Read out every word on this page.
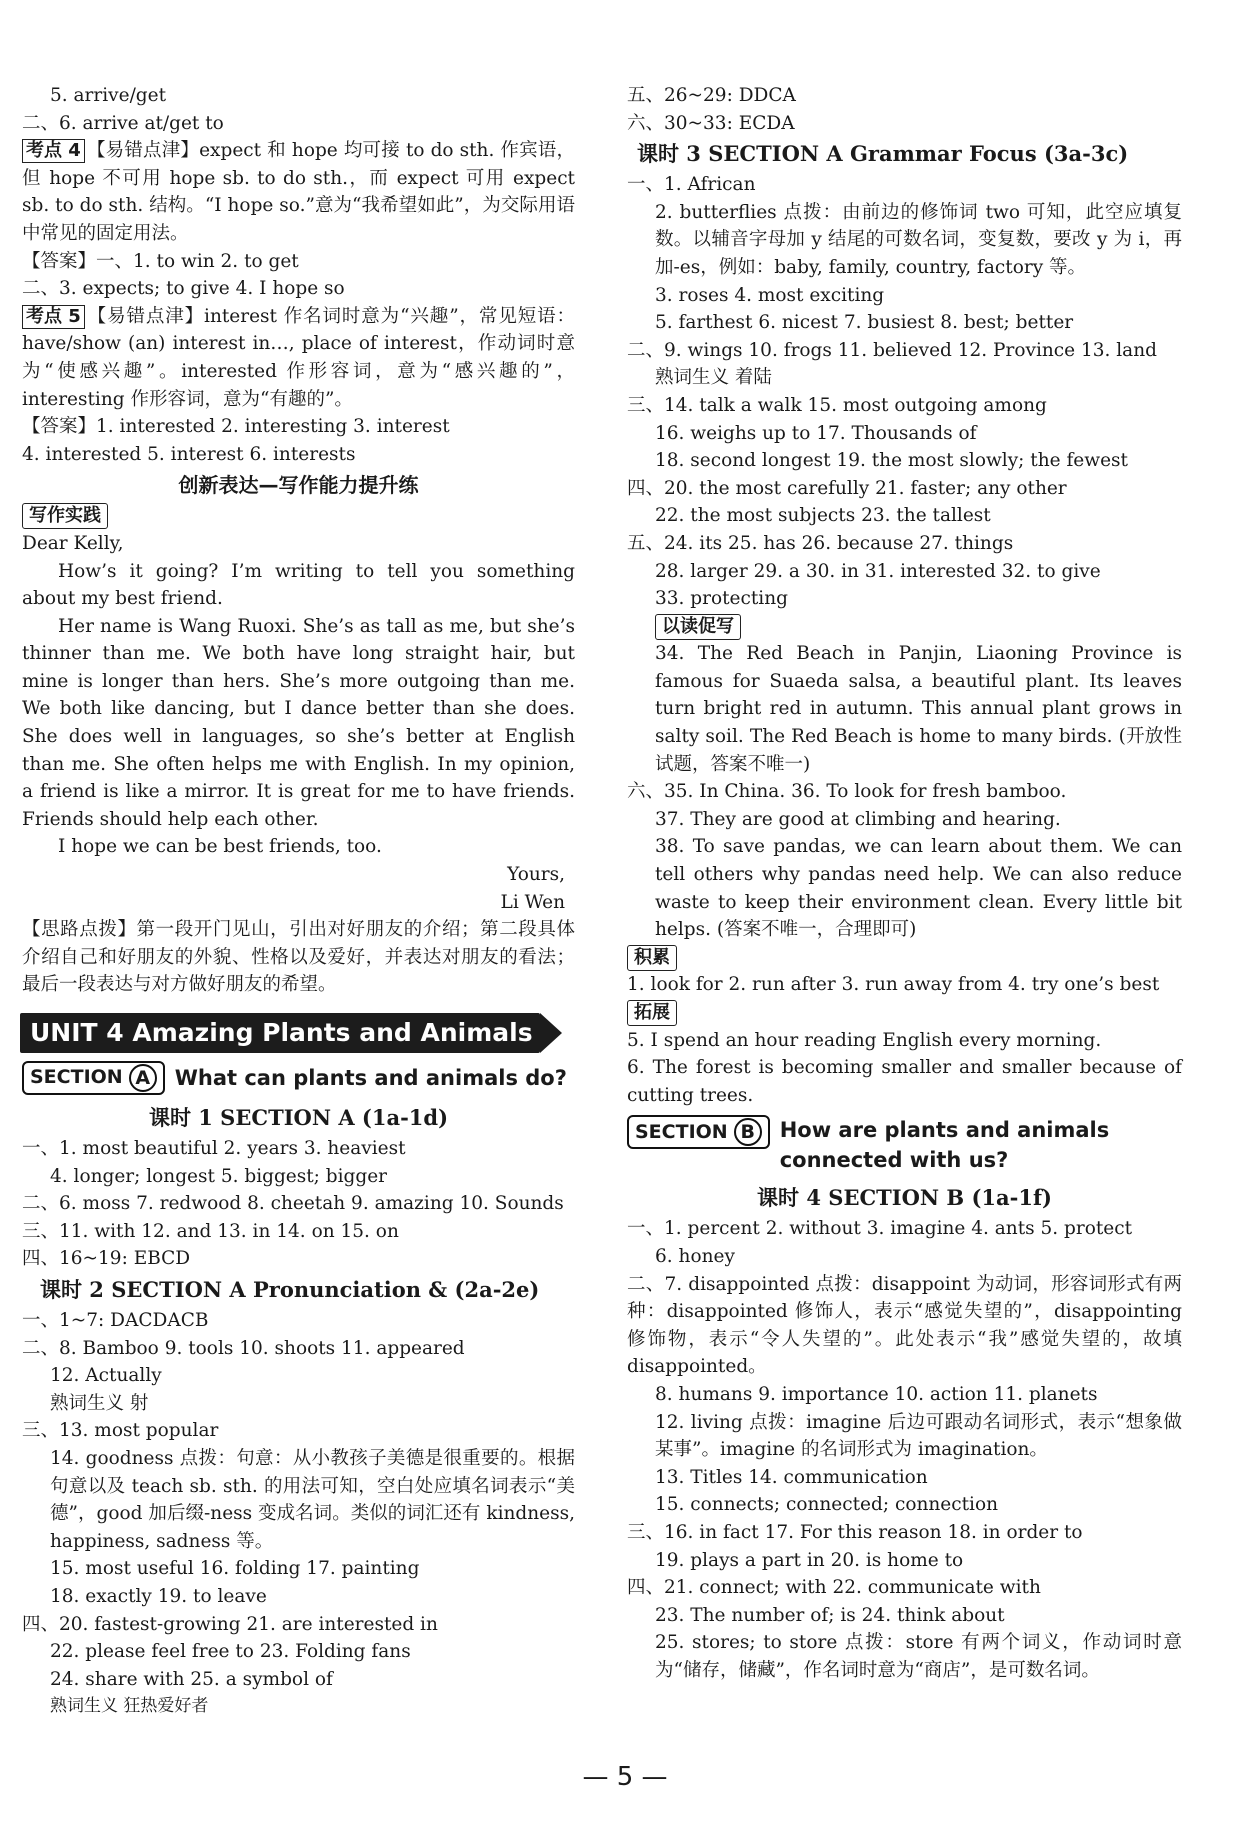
5. arrive/get
二、6. arrive at/get to
考点 4 【易错点津】expect 和 hope 均可接 to do sth. 作宾语，但 hope 不可用 hope sb. to do sth.，而 expect 可用 expect sb. to do sth. 结构。“I hope so.”意为“我希望如此”，为交际用语中常见的固定用法。
【答案】一、1. to win 2. to get
二、3. expects; to give 4. I hope so
考点 5 【易错点津】interest 作名词时意为“兴趣”，常见短语：have/show (an) interest in…, place of interest，作动词时意为“使感兴趣”。interested 作形容词，意为“感兴趣的”，interesting 作形容词，意为“有趣的”。
【答案】1. interested 2. interesting 3. interest
4. interested 5. interest 6. interests
创新表达—写作能力提升练
写作实践
Dear Kelly,
How’s it going? I’m writing to tell you something about my best friend.
Her name is Wang Ruoxi. She’s as tall as me, but she’s thinner than me. We both have long straight hair, but mine is longer than hers. She’s more outgoing than me. We both like dancing, but I dance better than she does. She does well in languages, so she’s better at English than me. She often helps me with English. In my opinion, a friend is like a mirror. It is great for me to have friends. Friends should help each other.
I hope we can be best friends, too.
Yours,
Li Wen
【思路点拨】第一段开门见山，引出对好朋友的介绍；第二段具体介绍自己和好朋友的外貌、性格以及爱好，并表达对朋友的看法；最后一段表达与对方做好朋友的希望。
UNIT 4 Amazing Plants and Animals
SECTION A	What can plants and animals do?
课时 1 SECTION A (1a-1d)
一、1. most beautiful 2. years 3. heaviest
4. longer; longest 5. biggest; bigger
二、6. moss 7. redwood 8. cheetah 9. amazing 10. Sounds
三、11. with 12. and 13. in 14. on 15. on
四、16~19: EBCD
课时 2 SECTION A Pronunciation & (2a-2e)
一、1~7: DACDACB
二、8. Bamboo 9. tools 10. shoots 11. appeared
12. Actually
熟词生义 射
三、13. most popular
14. goodness 点拨：句意：从小教孩子美德是很重要的。根据句意以及 teach sb. sth. 的用法可知，空白处应填名词表示“美德”，good 加后缀-ness 变成名词。类似的词汇还有 kindness, happiness, sadness 等。
15. most useful 16. folding 17. painting
18. exactly 19. to leave
四、20. fastest-growing 21. are interested in
22. please feel free to 23. Folding fans
24. share with 25. a symbol of
熟词生义 狂热爱好者
五、26~29: DDCA
六、30~33: ECDA
课时 3 SECTION A Grammar Focus (3a-3c)
一、1. African
2. butterflies 点拨：由前边的修饰词 two 可知，此空应填复数。以辅音字母加 y 结尾的可数名词，变复数，要改 y 为 i，再加-es，例如：baby, family, country, factory 等。
3. roses 4. most exciting
5. farthest 6. nicest 7. busiest 8. best; better
二、9. wings 10. frogs 11. believed 12. Province 13. land
熟词生义 着陆
三、14. talk a walk 15. most outgoing among
16. weighs up to 17. Thousands of
18. second longest 19. the most slowly; the fewest
四、20. the most carefully 21. faster; any other
22. the most subjects 23. the tallest
五、24. its 25. has 26. because 27. things
28. larger 29. a 30. in 31. interested 32. to give
33. protecting
以读促写
34. The Red Beach in Panjin, Liaoning Province is famous for Suaeda salsa, a beautiful plant. Its leaves turn bright red in autumn. This annual plant grows in salty soil. The Red Beach is home to many birds. (开放性试题，答案不唯一)
六、35. In China. 36. To look for fresh bamboo.
37. They are good at climbing and hearing.
38. To save pandas, we can learn about them. We can tell others why pandas need help. We can also reduce waste to keep their environment clean. Every little bit helps. (答案不唯一，合理即可)
积累
1. look for 2. run after 3. run away from 4. try one’s best
拓展
5. I spend an hour reading English every morning.
6. The forest is becoming smaller and smaller because of cutting trees.
SECTION B	How are plants and animals connected with us?
课时 4 SECTION B (1a-1f)
一、1. percent 2. without 3. imagine 4. ants 5. protect
6. honey
二、7. disappointed 点拨：disappoint 为动词，形容词形式有两种：disappointed 修饰人，表示“感觉失望的”，disappointing 修饰物，表示“令人失望的”。此处表示“我”感觉失望的，故填 disappointed。
8. humans 9. importance 10. action 11. planets
12. living 点拨：imagine 后边可跟动名词形式，表示“想象做某事”。imagine 的名词形式为 imagination。
13. Titles 14. communication
15. connects; connected; connection
三、16. in fact 17. For this reason 18. in order to
19. plays a part in 20. is home to
四、21. connect; with 22. communicate with
23. The number of; is 24. think about
25. stores; to store 点拨：store 有两个词义，作动词时意为“储存，储藏”，作名词时意为“商店”，是可数名词。
— 5 —
